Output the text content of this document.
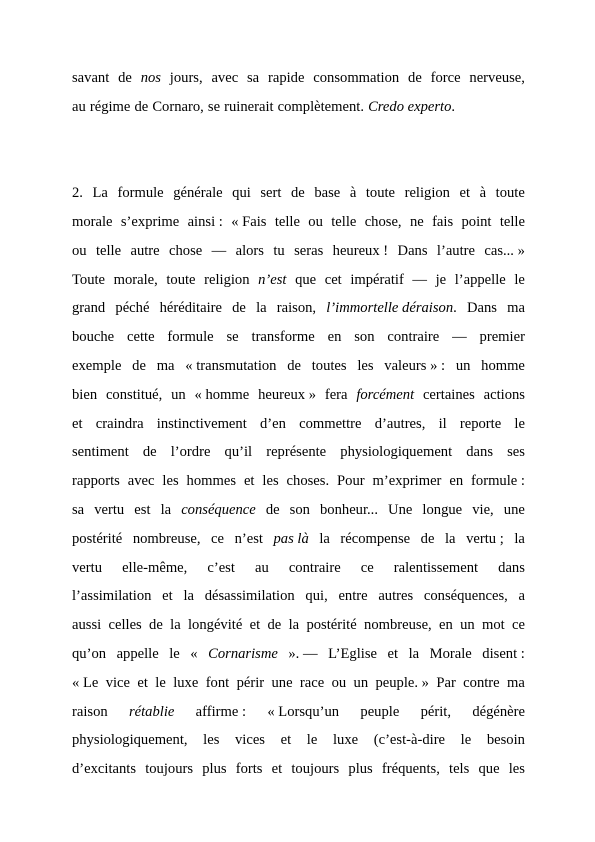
savant de nos jours, avec sa rapide consommation de force nerveuse,
au régime de Cornaro, se ruinerait complètement. Credo experto.
2. La formule générale qui sert de base à toute religion et à toute
morale s’exprime ainsi : « Fais telle ou telle chose, ne fais point telle
ou telle autre chose — alors tu seras heureux ! Dans l’autre cas... »
Toute morale, toute religion n’est que cet impératif — je l’appelle le
grand péché héréditaire de la raison, l’immortelle déraison. Dans ma
bouche cette formule se transforme en son contraire — premier
exemple de ma « transmutation de toutes les valeurs » : un homme
bien constitué, un « homme heureux » fera forcément certaines actions
et craindra instinctivement d’en commettre d’autres, il reporte le
sentiment de l’ordre qu’il représente physiologiquement dans ses
rapports avec les hommes et les choses. Pour m’exprimer en formule :
sa vertu est la conséquence de son bonheur... Une longue vie, une
postérité nombreuse, ce n’est pas là la récompense de la vertu ; la
vertu elle-même, c’est au contraire ce ralentissement dans
l’assimilation et la désassimilation qui, entre autres conséquences, a
aussi celles de la longévité et de la postérité nombreuse, en un mot ce
qu’on appelle le « Cornarisme ». — L’Eglise et la Morale disent :
« Le vice et le luxe font périr une race ou un peuple. » Par contre ma
raison rétablie affirme : « Lorsqu’un peuple périt, dégénère
physiologiquement, les vices et le luxe (c’est-à-dire le besoin
d’excitants toujours plus forts et toujours plus fréquents, tels que les
